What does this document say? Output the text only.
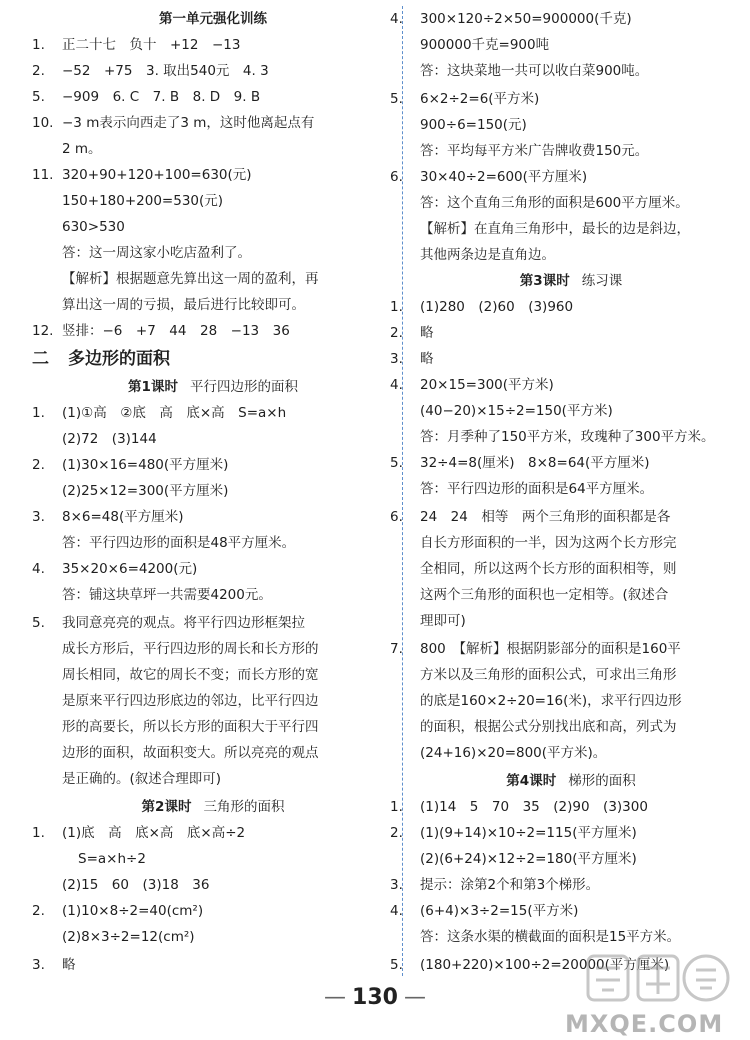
第一单元强化训练
1.	正二十七　负十　+12　−13
2.	−52　+75　3. 取出540元　4. 3
5.	−909　6. C　7. B　8. D　9. B
10. −3 m表示向西走了3 m，这时他离起点有
2 m。
11. 320+90+120+100=630(元)
150+180+200=530(元)
630>530
答：这一周这家小吃店盈利了。
【解析】根据题意先算出这一周的盈利，再
算出这一周的亏损，最后进行比较即可。
12. 竖排：−6　+7　44　28　−13　36
二 多边形的面积
第1课时 平行四边形的面积
1.	(1)①高　②底　高　底×高　S=a×h
(2)72　(3)144
2.	(1)30×16=480(平方厘米)
(2)25×12=300(平方厘米)
3.	8×6=48(平方厘米)
答：平行四边形的面积是48平方厘米。
4.	35×20×6=4200(元)
答：铺这块草坪一共需要4200元。
5.	我同意亮亮的观点。将平行四边形框架拉
成长方形后，平行四边形的周长和长方形的
周长相同，故它的周长不变；而长方形的宽
是原来平行四边形底边的邻边，比平行四边
形的高要长，所以长方形的面积大于平行四
边形的面积，故面积变大。所以亮亮的观点
是正确的。(叙述合理即可)
第2课时 三角形的面积
1.	(1)底　高　底×高　底×高÷2
S=a×h÷2
(2)15　60　(3)18　36
2.	(1)10×8÷2=40(cm²)
(2)8×3÷2=12(cm²)
3.	略
4.	300×120÷2×50=900000(千克)
900000千克=900吨
答：这块菜地一共可以收白菜900吨。
5.	6×2÷2=6(平方米)
900÷6=150(元)
答：平均每平方米广告牌收费150元。
6.	30×40÷2=600(平方厘米)
答：这个直角三角形的面积是600平方厘米。
【解析】在直角三角形中，最长的边是斜边，
其他两条边是直角边。
第3课时 练习课
1.	(1)280　(2)60　(3)960
2.	略
3.	略
4.	20×15=300(平方米)
(40−20)×15÷2=150(平方米)
答：月季种了150平方米，玫瑰种了300平方米。
5.	32÷4=8(厘米)　8×8=64(平方厘米)
答：平行四边形的面积是64平方厘米。
6.	24　24　相等　两个三角形的面积都是各
自长方形面积的一半，因为这两个长方形完
全相同，所以这两个长方形的面积相等，则
这两个三角形的面积也一定相等。(叙述合
理即可)
7.	800　【解析】根据阴影部分的面积是160平
方米以及三角形的面积公式，可求出三角形
的底是160×2÷20=16(米)，求平行四边形
的面积，根据公式分别找出底和高，列式为
(24+16)×20=800(平方米)。
第4课时 梯形的面积
1.	(1)14　5　70　35　(2)90　(3)300
2.	(1)(9+14)×10÷2=115(平方厘米)
(2)(6+24)×12÷2=180(平方厘米)
3.	提示：涂第2个和第3个梯形。
4.	(6+4)×3÷2=15(平方米)
答：这条水渠的横截面的面积是15平方米。
5.	(180+220)×100÷2=20000(平方厘米)
— 130 —
MXQE.COM
